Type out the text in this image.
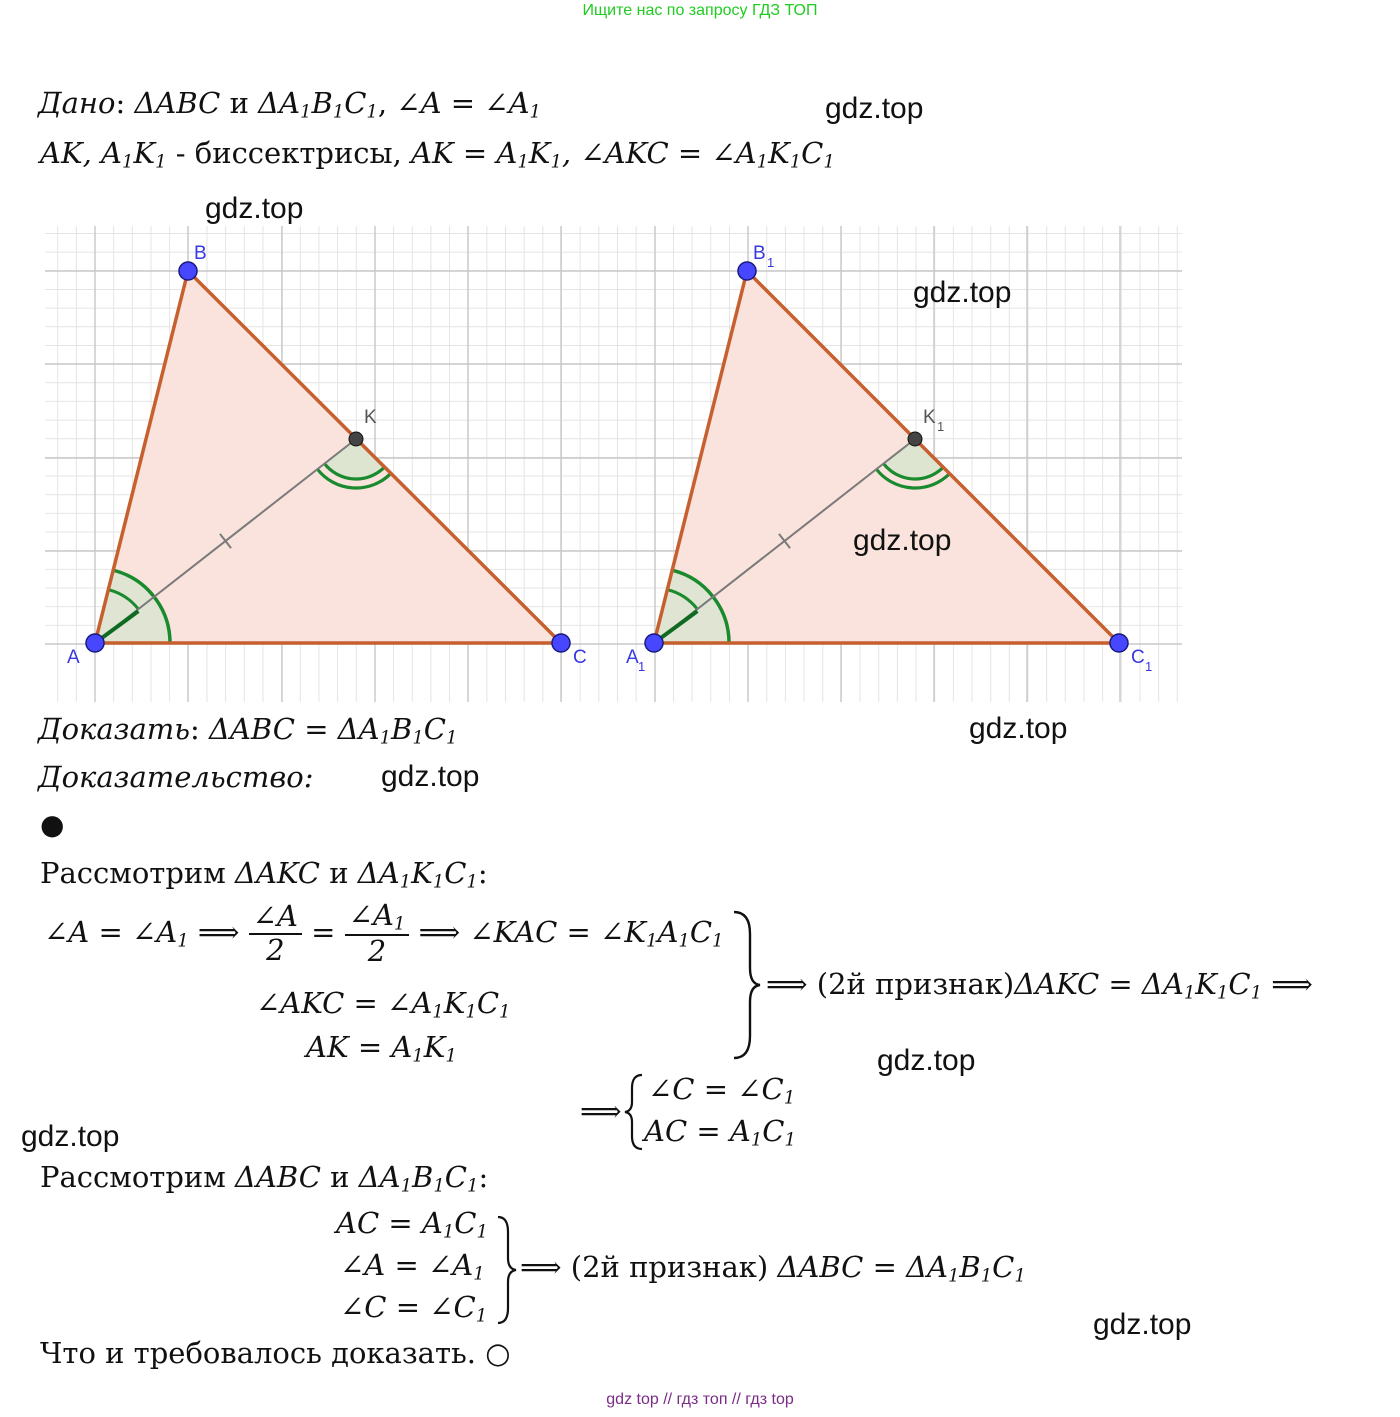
Ищите нас по запросу ГДЗ ТОП
gdz top // гдз топ // гдз top
Дано: ΔABC и $\Delta A_1B_1C_1$, ∠A = $\angle A_1$
AK, $A_1K_1$ - биссектрисы, AK = $A_1K_1$, ∠AKC = $\angle A_1K_1C_1$
A
B
C
K
A 1
B 1
C 1
K 1
Доказать: $\Delta ABC = \Delta A_1B_1C_1$
Доказательство:
●
Рассмотрим ΔAKC и $\Delta A_1K_1C_1$:
∠A = $\angle A_1$ ⟹ $\frac{\angle A}{2} = \frac{\angle A_1}{2}$ ⟹ ∠KAC = $\angle K_1A_1C_1$
∠AKC = $\angle A_1K_1C_1$
AK = $A_1K_1$
⟹ (2й признак)ΔAKC = $\Delta A_1K_1C_1$ ⟹
⟹
∠C = $\angle C_1$
AC = $A_1C_1$
Рассмотрим ΔABC и $\Delta A_1B_1C_1$:
AC = $A_1C_1$
∠A = $\angle A_1$
∠C = $\angle C_1$
⟹ (2й признак) $\Delta ABC = \Delta A_1B_1C_1$
Что и требовалось доказать. ○
gdz.top
gdz.top
gdz.top
gdz.top
gdz.top
gdz.top
gdz.top
gdz.top
gdz.top
